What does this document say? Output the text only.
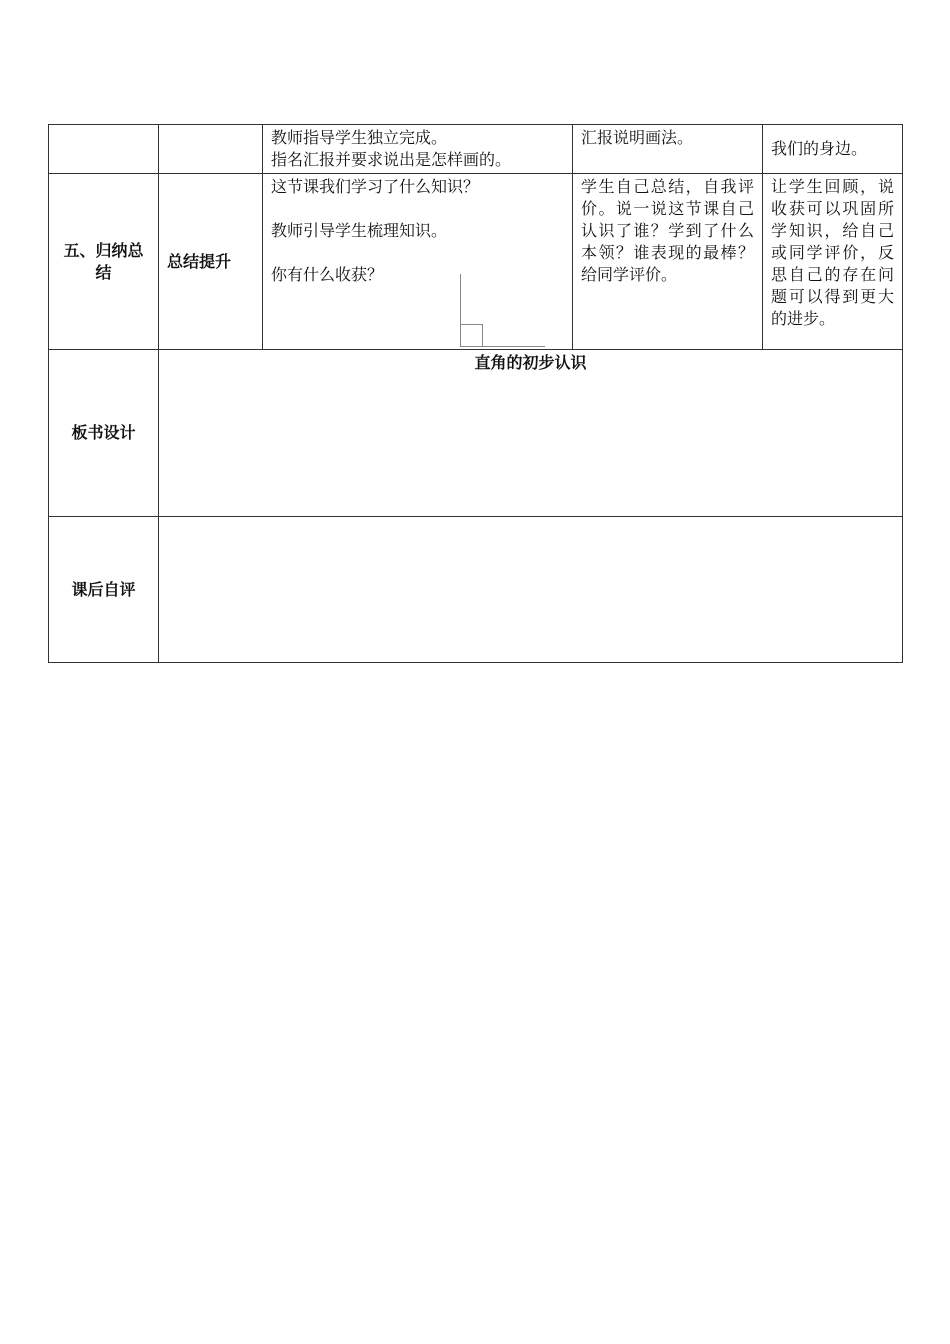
		教师指导学生独立完成。

指名汇报并要求说出是怎样画的。	汇报说明画法。	我们的身边。

五、归纳总结	总结提升	这节课我们学习了什么知识？

教师引导学生梳理知识。

你有什么收获？	学生自己总结，自我评价。说一说这节课自己认识了谁？学到了什么本领？谁表现的最棒？给同学评价。	让学生回顾，说收获可以巩固所学知识，给自己或同学评价，反思自己的存在问题可以得到更大的进步。

板书设计	直角的初步认识			

课后自评				
